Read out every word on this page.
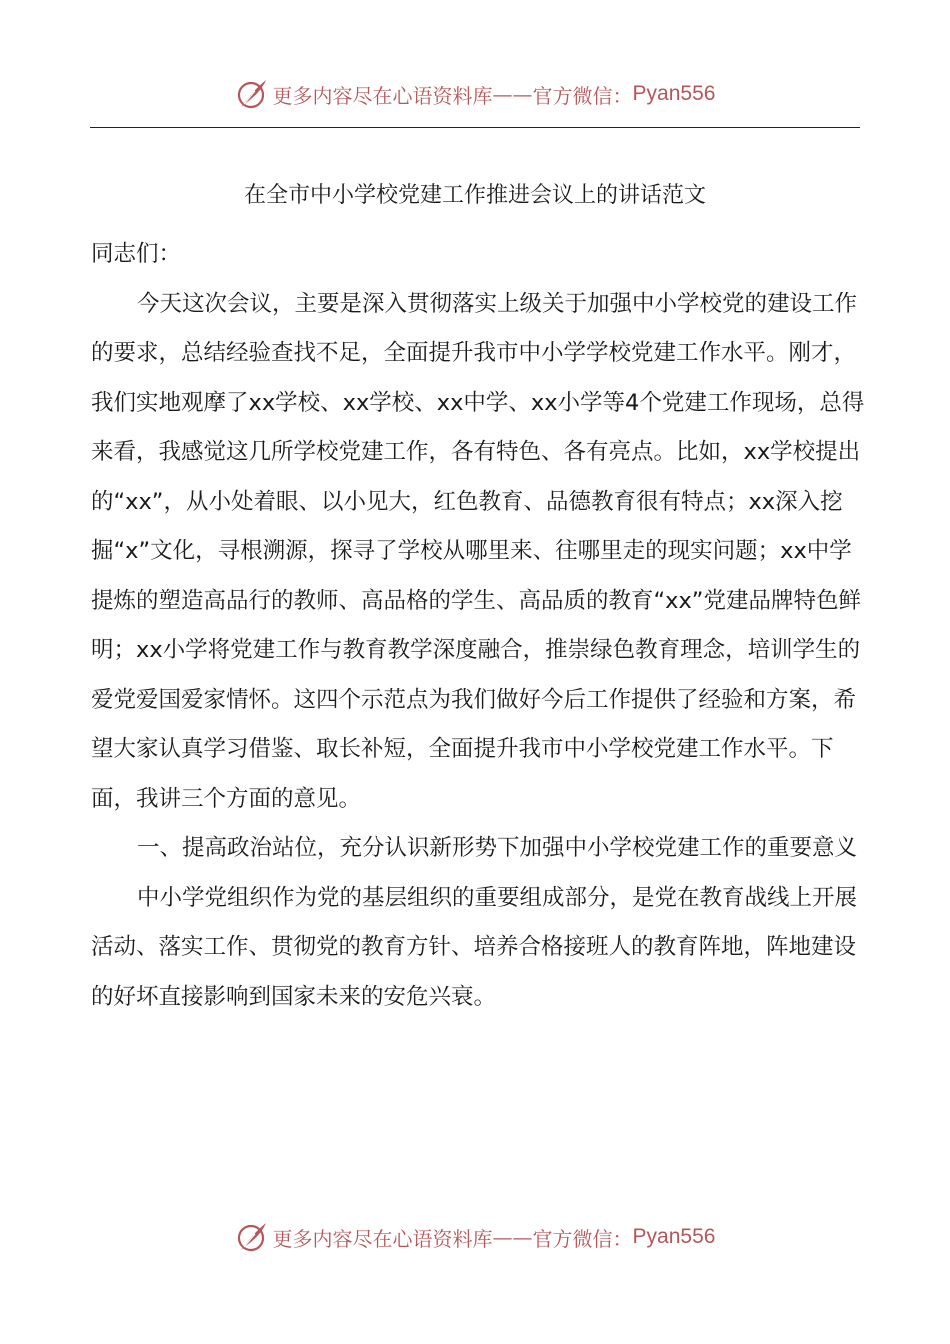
更多内容尽在心语资料库 —— 官方微信： Pyan556
在全市中小学校党建工作推进会议上的讲话范文

同志们：

今天这次会议，主要是深入贯彻落实上级关于加强中小学校党的建设工作的要求，总结经验查找不足，全面提升我市中小学学校党建工作水平。刚才，我们实地观摩了xx学校、xx学校、xx中学、xx小学等4个党建工作现场，总得来看，我感觉这几所学校党建工作，各有特色、各有亮点。比如，xx学校提出的“xx”，从小处着眼、以小见大，红色教育、品德教育很有特点；xx深入挖掘“x”文化，寻根溯源，探寻了学校从哪里来、往哪里走的现实问题；xx中学提炼的塑造高品行的教师、高品格的学生、高品质的教育“xx”党建品牌特色鲜明；xx小学将党建工作与教育教学深度融合，推崇绿色教育理念，培训学生的爱党爱国爱家情怀。这四个示范点为我们做好今后工作提供了经验和方案，希望大家认真学习借鉴、取长补短，全面提升我市中小学校党建工作水平。下面，我讲三个方面的意见。

一、提高政治站位，充分认识新形势下加强中小学校党建工作的重要意义

中小学党组织作为党的基层组织的重要组成部分，是党在教育战线上开展活动、落实工作、贯彻党的教育方针、培养合格接班人的教育阵地，阵地建设的好坏直接影响到国家未来的安危兴衰。

更多内容尽在心语资料库 —— 官方微信： Pyan556
